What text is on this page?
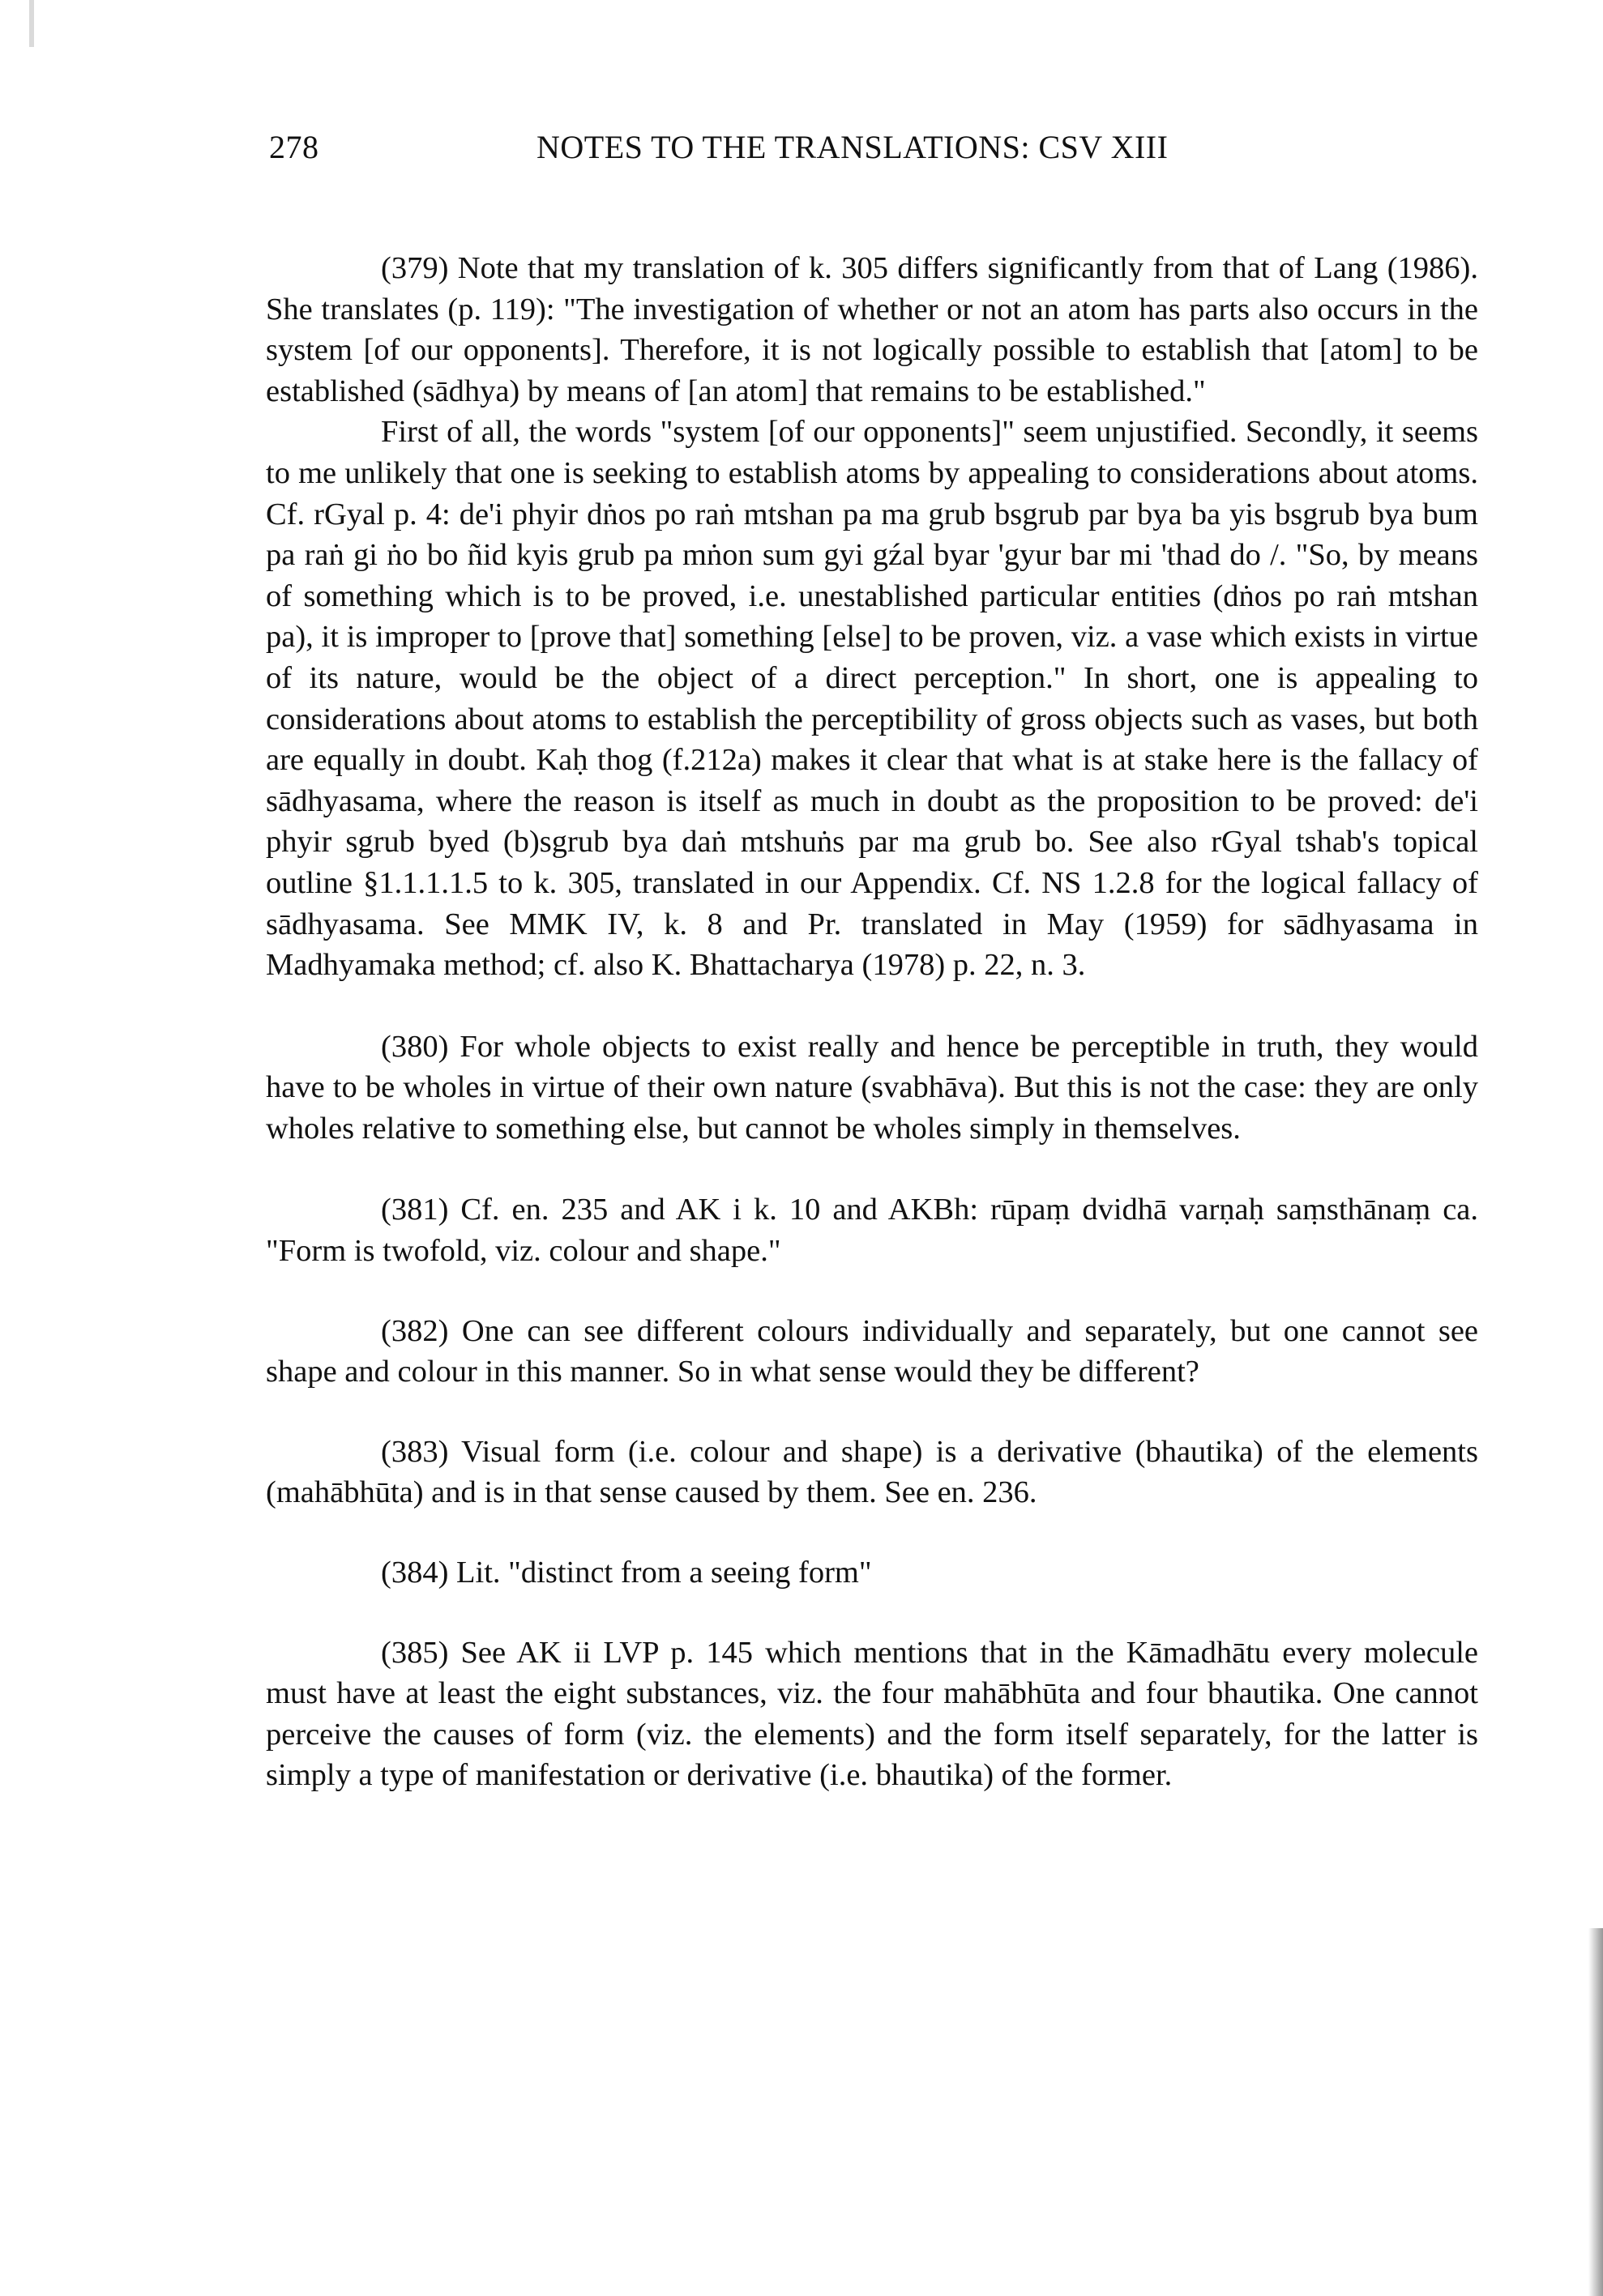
278	NOTES TO THE TRANSLATIONS: CSV XIII

(379) Note that my translation of k. 305 differs significantly from that of Lang (1986). She translates (p. 119): "The investigation of whether or not an atom has parts also occurs in the system [of our opponents]. Therefore, it is not logically possible to establish that [atom] to be established (sādhya) by means of [an atom] that remains to be established."

First of all, the words "system [of our opponents]" seem unjustified. Secondly, it seems to me unlikely that one is seeking to establish atoms by appealing to considerations about atoms. Cf. rGyal p. 4: de'i phyir dṅos po raṅ mtshan pa ma grub bsgrub par bya ba yis bsgrub bya bum pa raṅ gi ṅo bo ñid kyis grub pa mṅon sum gyi gźal byar 'gyur bar mi 'thad do /. "So, by means of something which is to be proved, i.e. unestablished particular entities (dṅos po raṅ mtshan pa), it is improper to [prove that] something [else] to be proven, viz. a vase which exists in virtue of its nature, would be the object of a direct perception." In short, one is appealing to considerations about atoms to establish the perceptibility of gross objects such as vases, but both are equally in doubt. Kaḥ thog (f.212a) makes it clear that what is at stake here is the fallacy of sādhyasama, where the reason is itself as much in doubt as the proposition to be proved: de'i phyir sgrub byed (b)sgrub bya daṅ mtshuṅs par ma grub bo. See also rGyal tshab's topical outline §1.1.1.1.5 to k. 305, translated in our Appendix. Cf. NS 1.2.8 for the logical fallacy of sādhyasama. See MMK IV, k. 8 and Pr. translated in May (1959) for sādhyasama in Madhyamaka method; cf. also K. Bhattacharya (1978) p. 22, n. 3.

(380) For whole objects to exist really and hence be perceptible in truth, they would have to be wholes in virtue of their own nature (svabhāva). But this is not the case: they are only wholes relative to something else, but cannot be wholes simply in themselves.

(381) Cf. en. 235 and AK i k. 10 and AKBh: rūpaṃ dvidhā varṇaḥ saṃsthānaṃ ca. "Form is twofold, viz. colour and shape."

(382) One can see different colours individually and separately, but one cannot see shape and colour in this manner. So in what sense would they be different?

(383) Visual form (i.e. colour and shape) is a derivative (bhautika) of the elements (mahābhūta) and is in that sense caused by them. See en. 236.

(384) Lit. "distinct from a seeing form"

(385) See AK ii LVP p. 145 which mentions that in the Kāmadhātu every molecule must have at least the eight substances, viz. the four mahābhūta and four bhautika. One cannot perceive the causes of form (viz. the elements) and the form itself separately, for the latter is simply a type of manifestation or derivative (i.e. bhautika) of the former.
